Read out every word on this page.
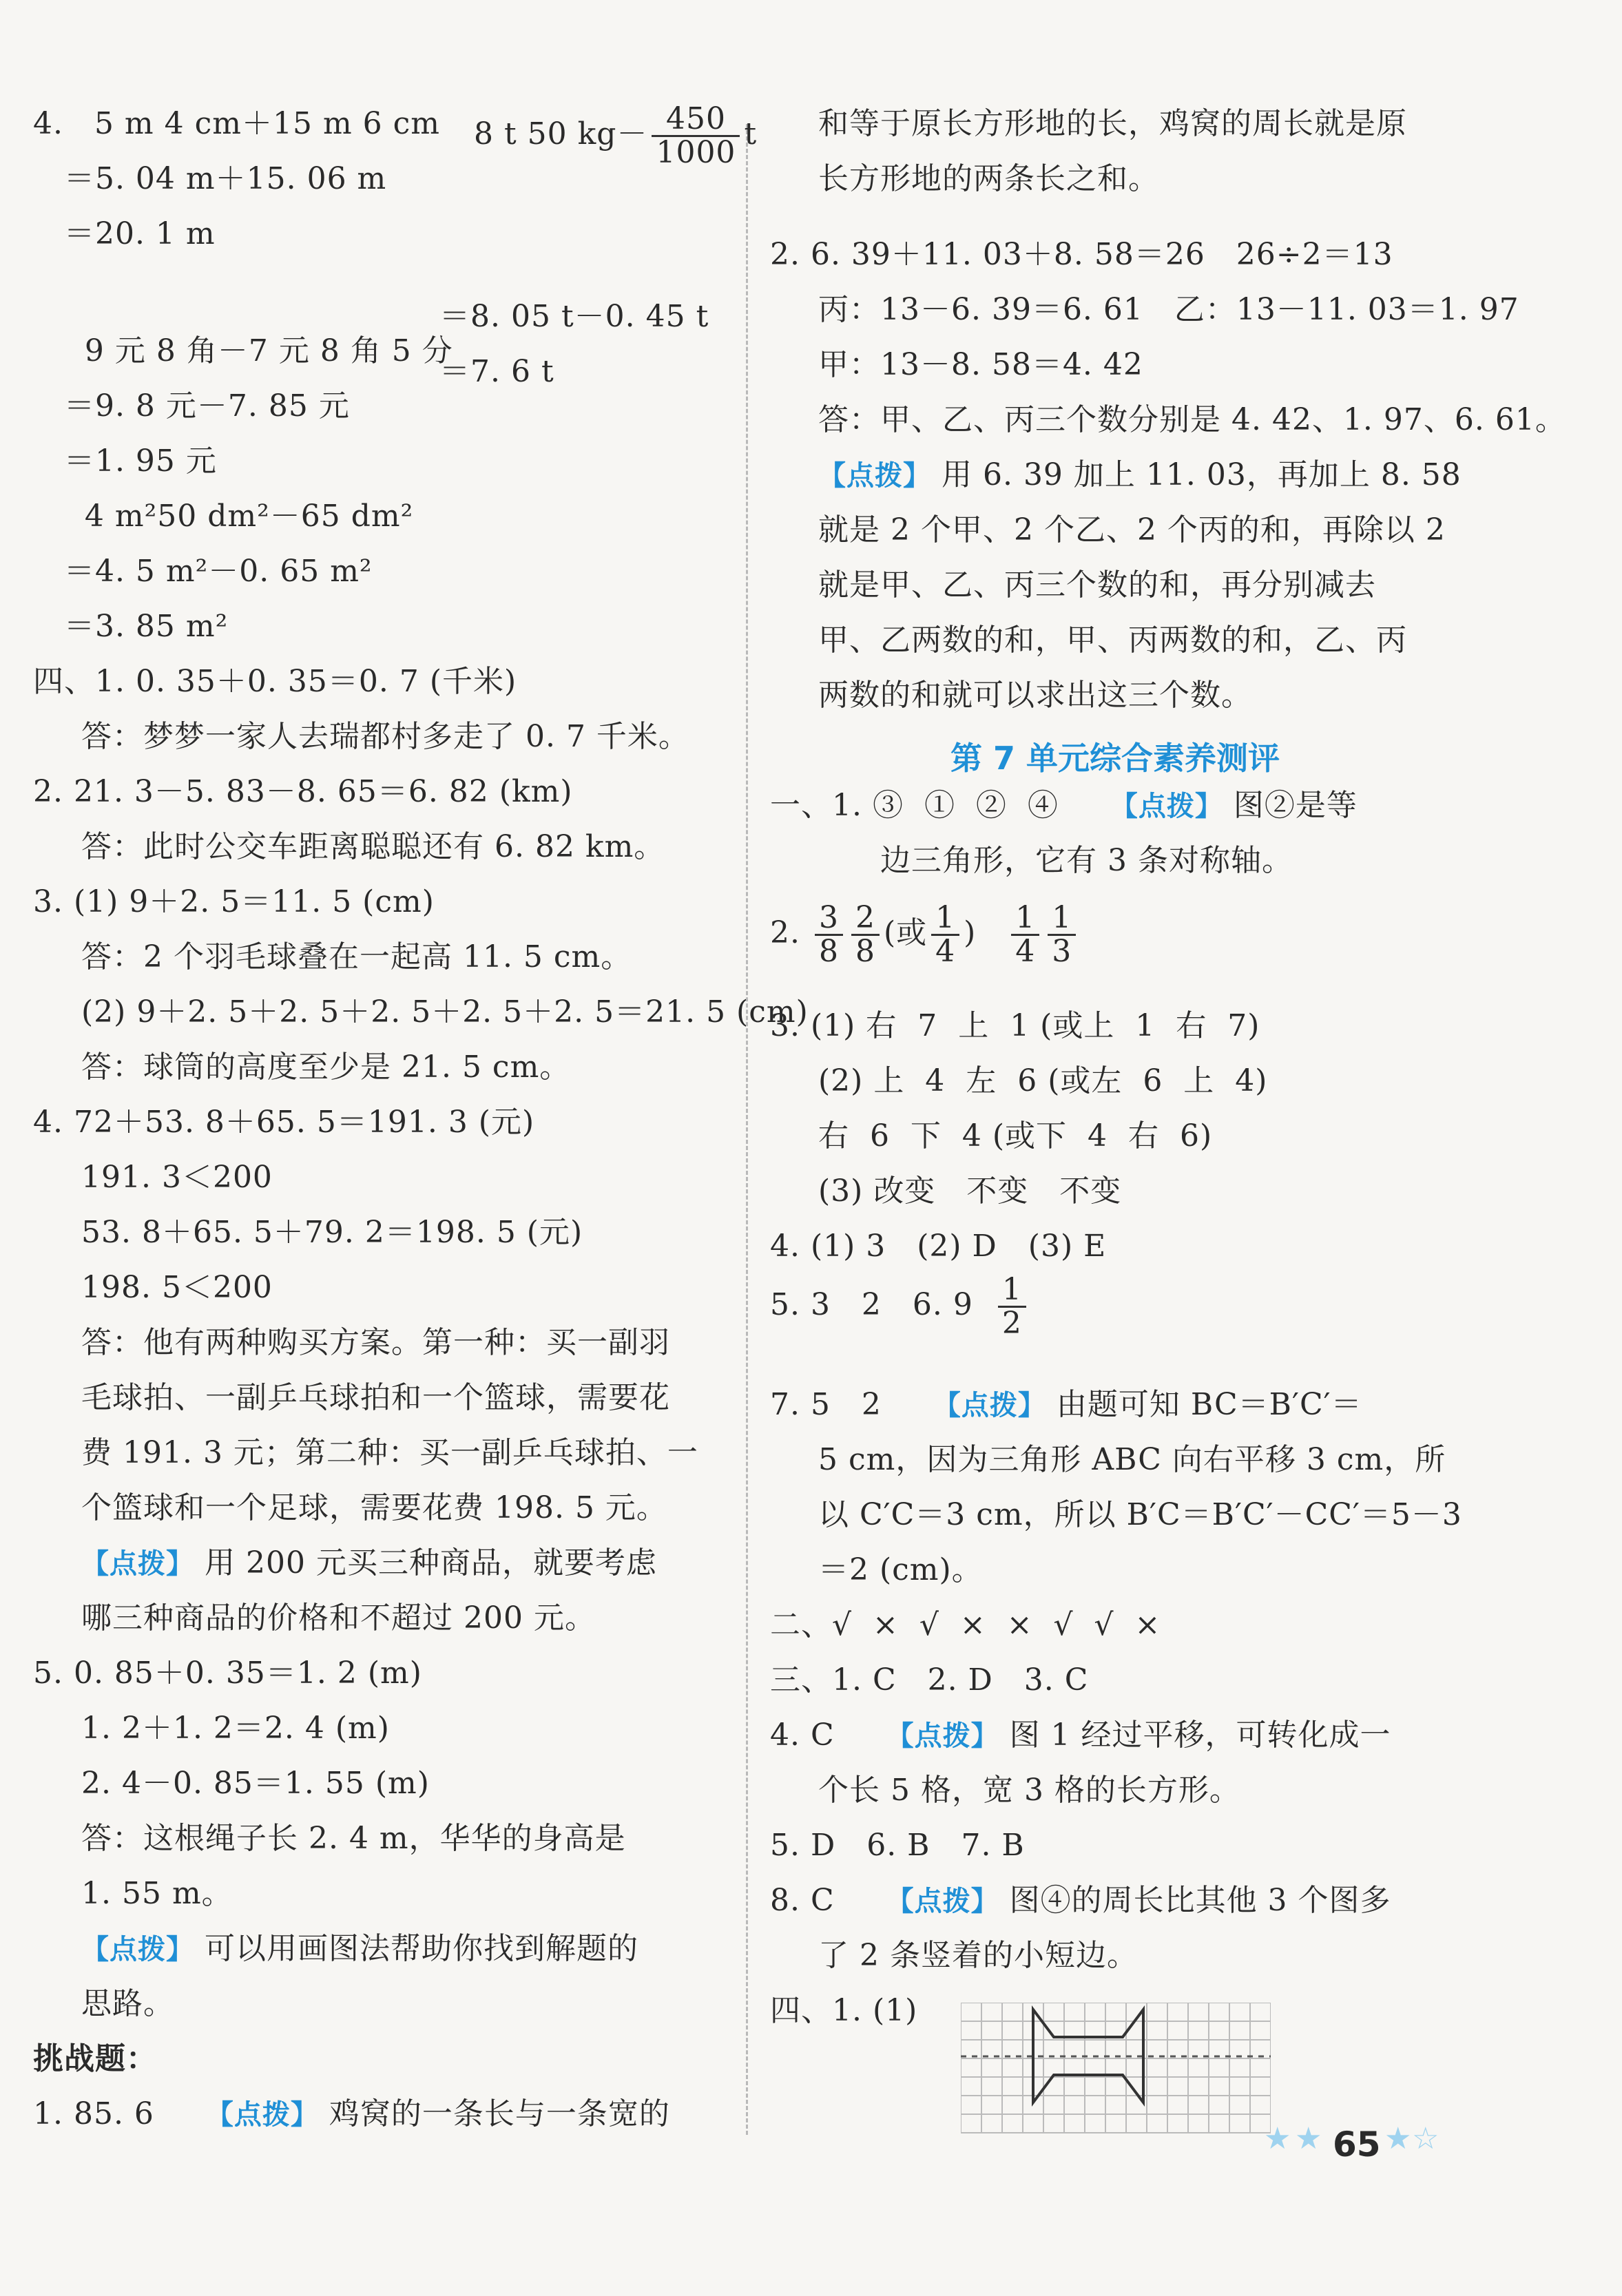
4.   5 m 4 cm＋15 m 6 cm
＝5. 04 m＋15. 06 m
＝20. 1 m
9 元 8 角－7 元 8 角 5 分
＝9. 8 元－7. 85 元
＝1. 95 元
4 m²50 dm²－65 dm²
＝4. 5 m²－0. 65 m²
＝3. 85 m²
四、1. 0. 35＋0. 35＝0. 7 (千米)
答：梦梦一家人去瑞都村多走了 0. 7 千米。
2. 21. 3－5. 83－8. 65＝6. 82 (km)
答：此时公交车距离聪聪还有 6. 82 km。
3. (1) 9＋2. 5＝11. 5 (cm)
答：2 个羽毛球叠在一起高 11. 5 cm。
(2) 9＋2. 5＋2. 5＋2. 5＋2. 5＋2. 5＝21. 5 (cm)
答：球筒的高度至少是 21. 5 cm。
4. 72＋53. 8＋65. 5＝191. 3 (元)
191. 3＜200
53. 8＋65. 5＋79. 2＝198. 5 (元)
198. 5＜200
答：他有两种购买方案。第一种：买一副羽
毛球拍、一副乒乓球拍和一个篮球，需要花
费 191. 3 元；第二种：买一副乒乓球拍、一
个篮球和一个足球，需要花费 198. 5 元。
【点拨】 用 200 元买三种商品，就要考虑
哪三种商品的价格和不超过 200 元。
5. 0. 85＋0. 35＝1. 2 (m)
1. 2＋1. 2＝2. 4 (m)
2. 4－0. 85＝1. 55 (m)
答：这根绳子长 2. 4 m，华华的身高是
1. 55 m。
【点拨】 可以用画图法帮助你找到解题的
思路。
挑战题：
1. 85. 6     【点拨】 鸡窝的一条长与一条宽的
8 t 50 $kg- \frac{450}{1000}$ t
＝8. 05 t－0. 45 t
＝7. 6 t
和等于原长方形地的长，鸡窝的周长就是原
长方形地的两条长之和。
2. 6. 39＋11. 03＋8. 58＝26   26÷2＝13
丙：13－6. 39＝6. 61   乙：13－11. 03＝1. 97
甲：13－8. 58＝4. 42
答：甲、乙、丙三个数分别是 4. 42、1. 97、6. 61。
【点拨】 用 6. 39 加上 11. 03，再加上 8. 58
就是 2 个甲、2 个乙、2 个丙的和，再除以 2
就是甲、乙、丙三个数的和，再分别减去
甲、乙两数的和，甲、丙两数的和，乙、丙
两数的和就可以求出这三个数。
一、1. ③  ①  ②  ④     【点拨】 图②是等
边三角形，它有 3 条对称轴。
3. (1) 右  7  上  1 (或上  1  右  7)
(2) 上  4  左  6 (或左  6  上  4)
右  6  下  4 (或下  4  右  6)
(3) 改变   不变   不变
4. (1) 3   (2) D   (3) E
7. 5   2     【点拨】 由题可知 BC＝B′C′＝
5 cm，因为三角形 ABC 向右平移 3 cm，所
以 C′C＝3 cm，所以 B′C＝B′C′－CC′＝5－3
＝2 (cm)。
二、√  ×  √  ×  ×  √  √  ×
三、1. C   2. D   3. C
4. C     【点拨】 图 1 经过平移，可转化成一
个长 5 格，宽 3 格的长方形。
5. D   6. B   7. B
8. C     【点拨】 图④的周长比其他 3 个图多
了 2 条竖着的小短边。
四、1. (1)
2. $\frac{3}{8} \frac{2}{8}$ (或 $\frac{1}{4}$ ) $\frac{1}{4} \frac{1}{3}$
5. 3   2   6. $9 \frac{1}{2}$
第 7 单元综合素养测评
★ ★ 65 ★ ☆
